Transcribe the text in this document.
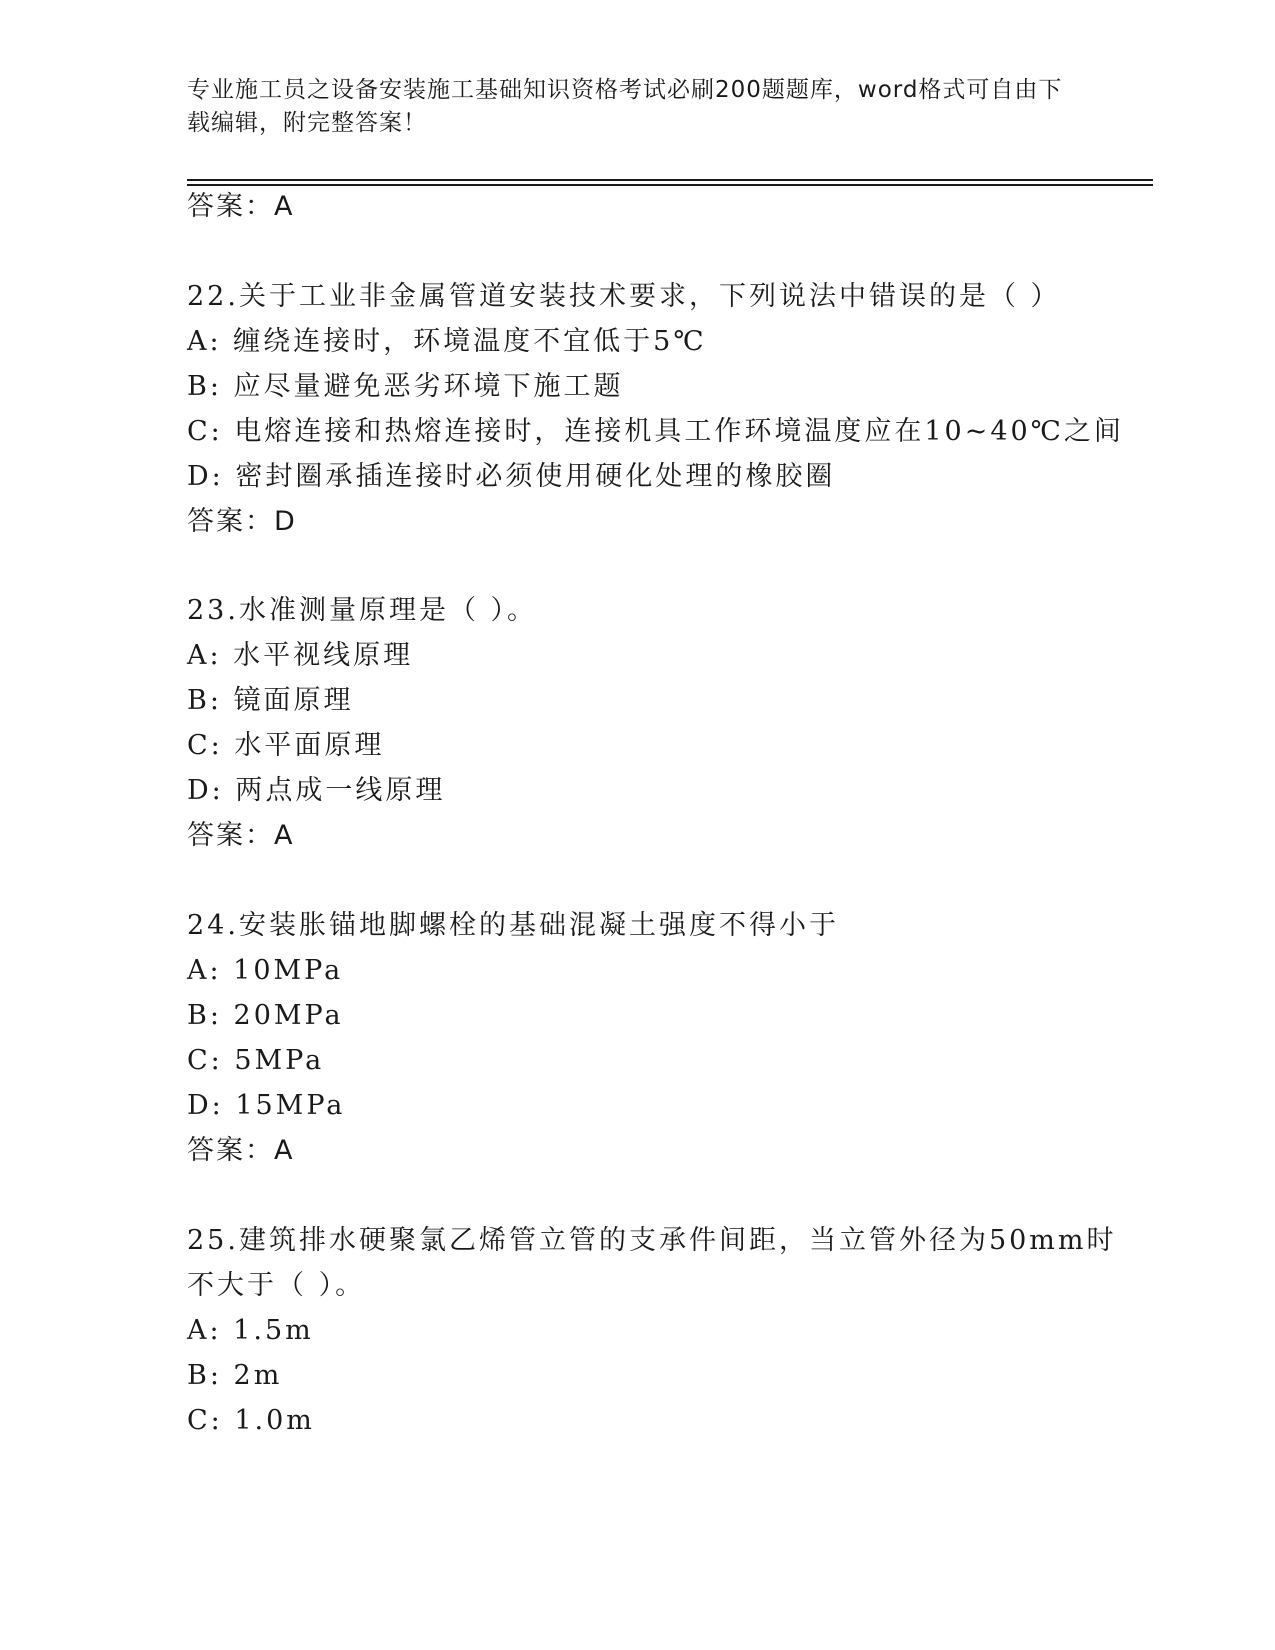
专业施工员之设备安装施工基础知识资格考试必刷200题题库，word格式可自由下载编辑，附完整答案！
答案：A
22.关于工业非金属管道安装技术要求，下列说法中错误的是（ ）
A: 缠绕连接时，环境温度不宜低于5℃
B: 应尽量避免恶劣环境下施工题
C: 电熔连接和热熔连接时，连接机具工作环境温度应在10~40℃之间
D: 密封圈承插连接时必须使用硬化处理的橡胶圈
答案：D
23.水准测量原理是（ ）。
A: 水平视线原理
B: 镜面原理
C: 水平面原理
D: 两点成一线原理
答案：A
24.安装胀锚地脚螺栓的基础混凝土强度不得小于
A: 10MPa
B: 20MPa
C: 5MPa
D: 15MPa
答案：A
25.建筑排水硬聚氯乙烯管立管的支承件间距，当立管外径为50mm时
不大于（ ）。
A: 1.5m
B: 2m
C: 1.0m
